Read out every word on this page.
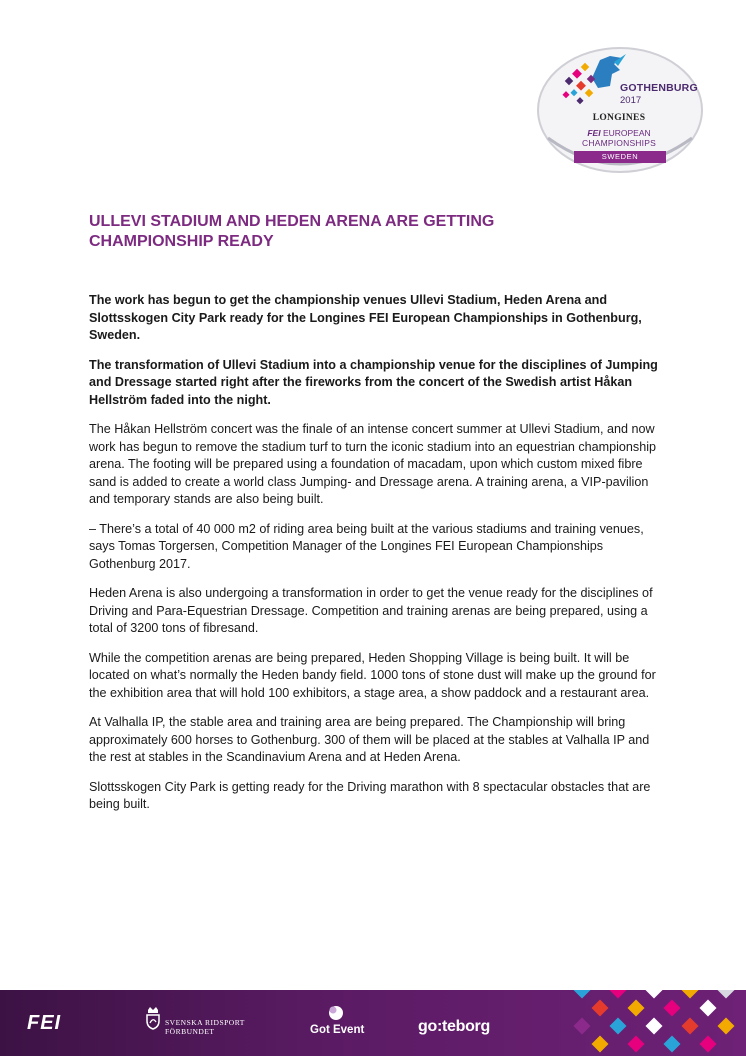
GOTHENBURG
2017
LONGINES
FEI EUROPEAN
CHAMPIONSHIPS
SWEDEN
ULLEVI STADIUM AND HEDEN ARENA ARE GETTING CHAMPIONSHIP READY

The work has begun to get the championship venues Ullevi Stadium, Heden Arena and Slottsskogen City Park ready for the Longines FEI European Championships in Gothenburg, Sweden.

The transformation of Ullevi Stadium into a championship venue for the disciplines of Jumping and Dressage started right after the fireworks from the concert of the Swedish artist Håkan Hellström faded into the night.

The Håkan Hellström concert was the finale of an intense concert summer at Ullevi Stadium, and now work has begun to remove the stadium turf to turn the iconic stadium into an equestrian championship arena. The footing will be prepared using a foundation of macadam, upon which custom mixed fibre sand is added to create a world class Jumping- and Dressage arena. A training arena, a VIP-pavilion and temporary stands are also being built.

– There’s a total of 40 000 m2 of riding area being built at the various stadiums and training venues, says Tomas Torgersen, Competition Manager of the Longines FEI European Championships Gothenburg 2017.

Heden Arena is also undergoing a transformation in order to get the venue ready for the disciplines of Driving and Para-Equestrian Dressage. Competition and training arenas are being prepared, using a total of 3200 tons of fibresand.

While the competition arenas are being prepared, Heden Shopping Village is being built. It will be located on what’s normally the Heden bandy field. 1000 tons of stone dust will make up the ground for the exhibition area that will hold 100 exhibitors, a stage area, a show paddock and a restaurant area.

At Valhalla IP, the stable area and training area are being prepared. The Championship will bring approximately 600 horses to Gothenburg. 300 of them will be placed at the stables at Valhalla IP and the rest at stables in the Scandinavium Arena and at Heden Arena.

Slottsskogen City Park is getting ready for the Driving marathon with 8 spectacular obstacles that are being built.

FEI	SVENSKA RIDSPORT
FÖRBUNDET	Got Event	go:teborg
